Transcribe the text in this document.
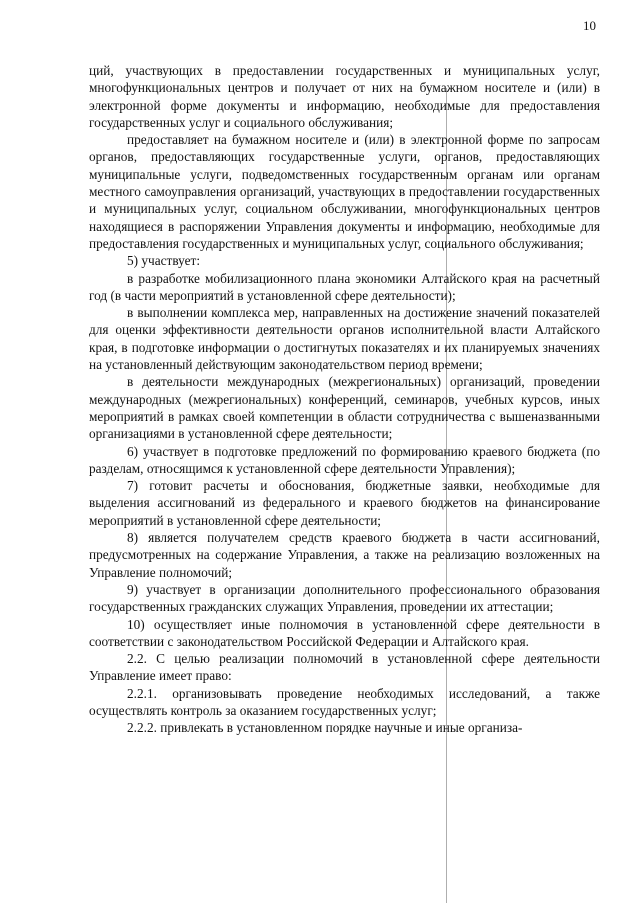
10

ций, участвующих в предоставлении государственных и муниципальных услуг, многофункциональных центров и получает от них на бумажном носителе и (или) в электронной форме документы и информацию, необходимые для предоставления государственных услуг и социального обслуживания;

предоставляет на бумажном носителе и (или) в электронной форме по запросам органов, предоставляющих государственные услуги, органов, предоставляющих муниципальные услуги, подведомственных государственным органам или органам местного самоуправления организаций, участвующих в предоставлении государственных и муниципальных услуг, социальном обслуживании, многофункциональных центров находящиеся в распоряжении Управления документы и информацию, необходимые для предоставления государственных и муниципальных услуг, социального обслуживания;

5) участвует:

в разработке мобилизационного плана экономики Алтайского края на расчетный год (в части мероприятий в установленной сфере деятельности);

в выполнении комплекса мер, направленных на достижение значений показателей для оценки эффективности деятельности органов исполнительной власти Алтайского края, в подготовке информации о достигнутых показателях и их планируемых значениях на установленный действующим законодательством период времени;

в деятельности международных (межрегиональных) организаций, проведении международных (межрегиональных) конференций, семинаров, учебных курсов, иных мероприятий в рамках своей компетенции в области сотрудничества с вышеназванными организациями в установленной сфере деятельности;

6) участвует в подготовке предложений по формированию краевого бюджета (по разделам, относящимся к установленной сфере деятельности Управления);

7) готовит расчеты и обоснования, бюджетные заявки, необходимые для выделения ассигнований из федерального и краевого бюджетов на финансирование мероприятий в установленной сфере деятельности;

8) является получателем средств краевого бюджета в части ассигнований, предусмотренных на содержание Управления, а также на реализацию возложенных на Управление полномочий;

9) участвует в организации дополнительного профессионального образования государственных гражданских служащих Управления, проведении их аттестации;

10) осуществляет иные полномочия в установленной сфере деятельности в соответствии с законодательством Российской Федерации и Алтайского края.

2.2. С целью реализации полномочий в установленной сфере деятельности Управление имеет право:

2.2.1. организовывать проведение необходимых исследований, а также осуществлять контроль за оказанием государственных услуг;

2.2.2. привлекать в установленном порядке научные и иные организа-
